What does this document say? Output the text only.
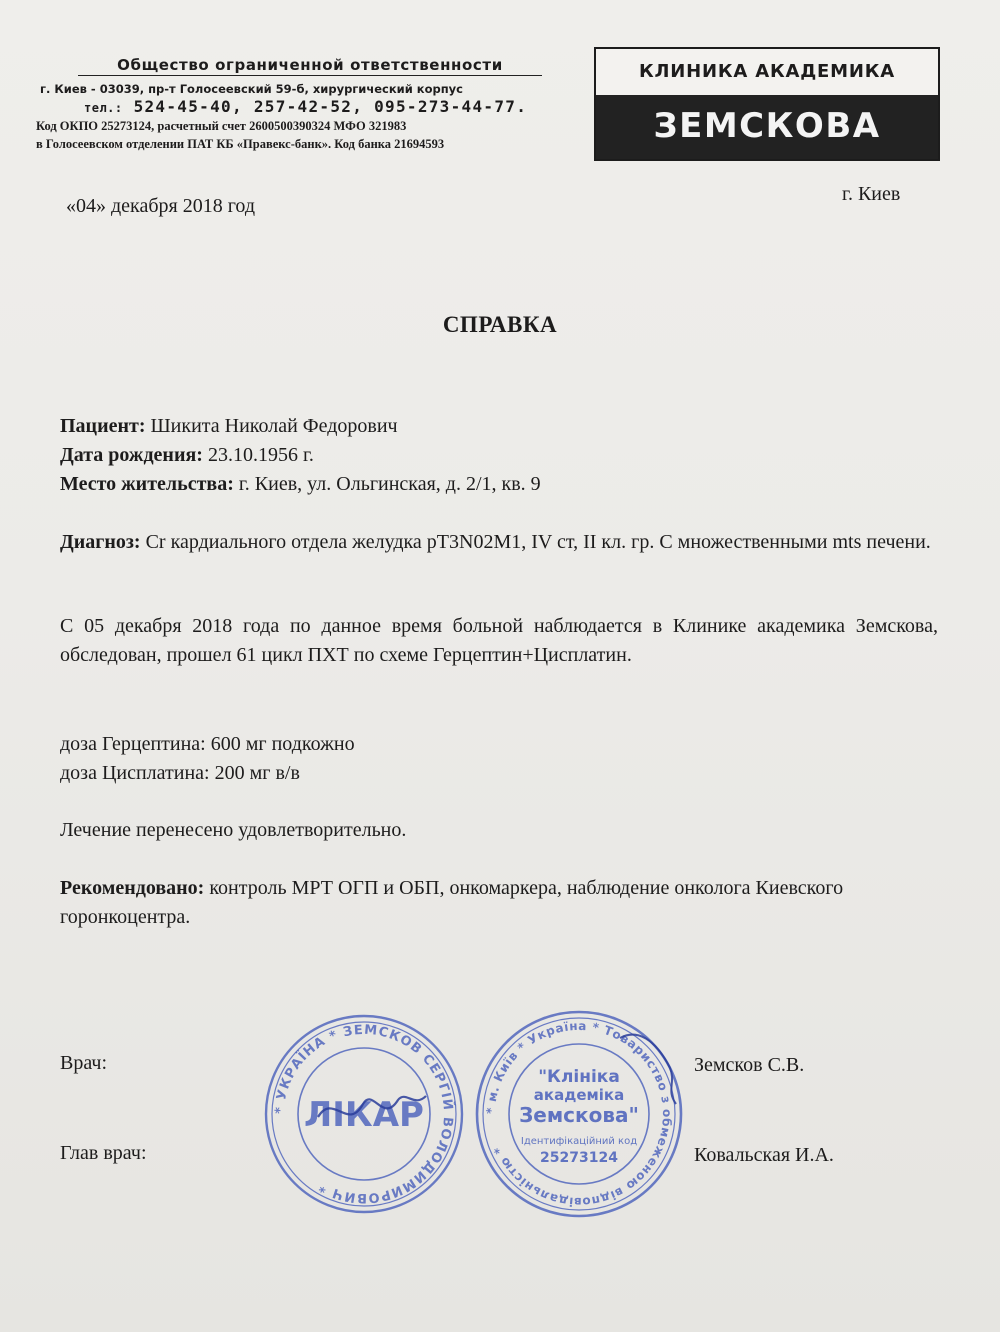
Общество ограниченной ответственности
г. Киев - 03039, пр-т Голосеевский 59-б, хирургический корпус
тел.: 524-45-40, 257-42-52, 095-273-44-77.
Код ОКПО 25273124, расчетный счет 2600500390324 МФО 321983
в Голосеевском отделении ПАТ КБ «Правекс-банк». Код банка 21694593
КЛИНИКА АКАДЕМИКА
ЗЕМСКОВА
«04» декабря 2018 год
г. Киев
СПРАВКА
Пациент: Шикита Николай Федорович
Дата рождения: 23.10.1956 г.
Место жительства: г. Киев, ул. Ольгинская, д. 2/1, кв. 9
Диагноз: Cr кардиального отдела желудка pT3N02M1, IV ст, II кл. гр. С множественными mts печени.
С 05 декабря 2018 года по данное время больной наблюдается в Клинике академика Земскова, обследован, прошел 61 цикл ПХТ по схеме Герцептин+Цисплатин.
доза Герцептина: 600 мг подкожно
доза Цисплатина: 200 мг в/в
Лечение перенесено удовлетворительно.
Рекомендовано: контроль МРТ ОГП и ОБП, онкомаркера, наблюдение онколога Киевского горонкоцентра.
* УКРАЇНА * ЗЕМСКОВ СЕРГІЙ ВОЛОДИМИРОВИЧ *
ЛІКАР	* м. Київ * Україна * Товариство з обмеженою відповідальністю *
"Клініка
академіка
Земскова"
Ідентифікаційний код
25273124
Врач:	Земсков С.В.
Глав врач:	Ковальская И.А.
